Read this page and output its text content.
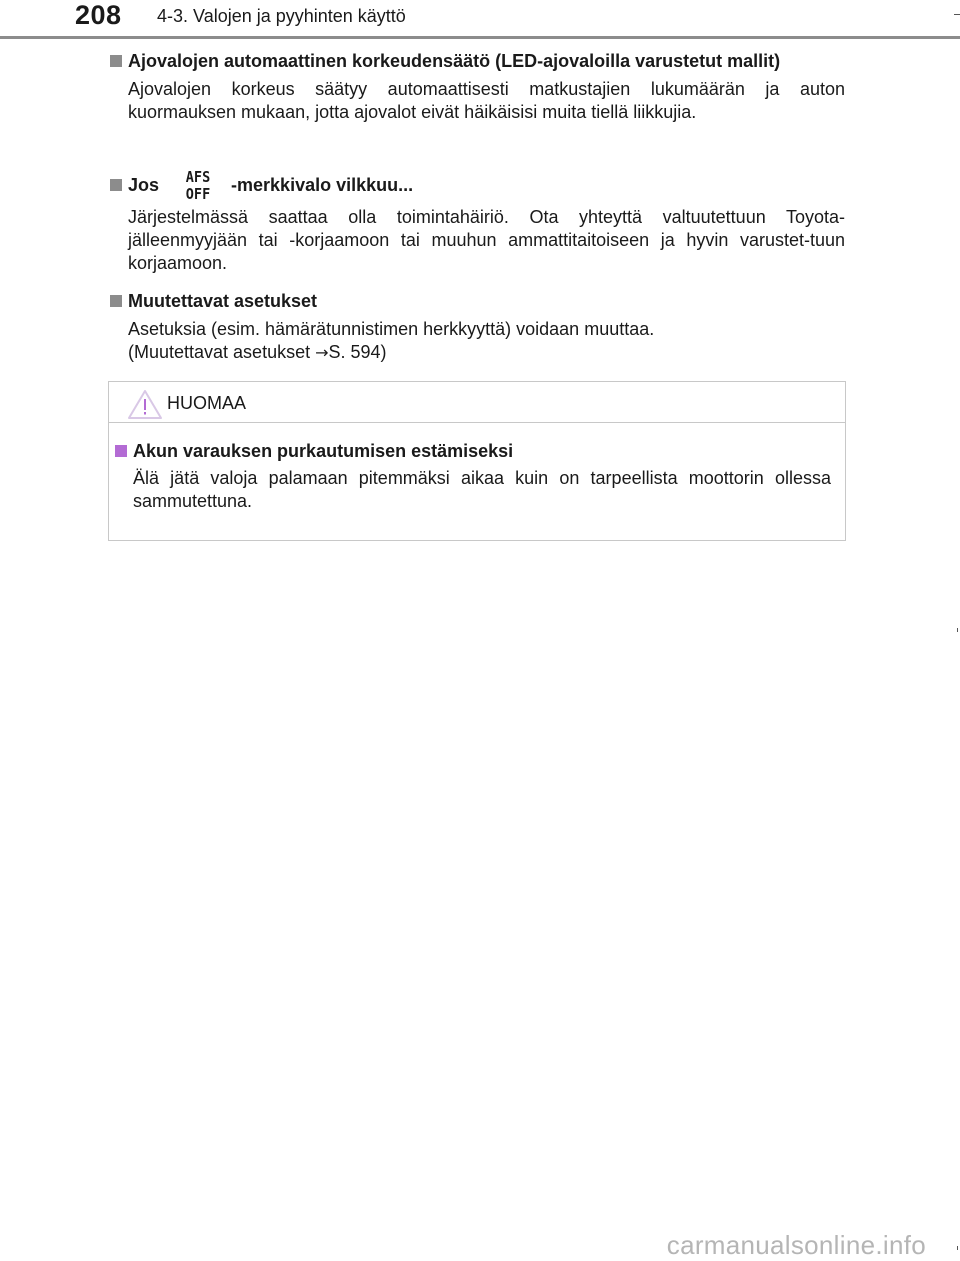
208 4-3. Valojen ja pyyhinten käyttö
Ajovalojen automaattinen korkeudensäätö (LED-ajovaloilla varustetut mallit)
Ajovalojen korkeus säätyy automaattisesti matkustajien lukumäärän ja auton kuormauksen mukaan, jotta ajovalot eivät häikäisisi muita tiellä liikkujia.
Jos AFS
OFF -merkkivalo vilkkuu...
Järjestelmässä saattaa olla toimintahäiriö. Ota yhteyttä valtuutettuun Toyota-jälleenmyyjään tai -korjaamoon tai muuhun ammattitaitoiseen ja hyvin varustet-tuun korjaamoon.
Muutettavat asetukset
Asetuksia (esim. hämärätunnistimen herkkyyttä) voidaan muuttaa.
(Muutettavat asetukset →S. 594)
HUOMAA
Akun varauksen purkautumisen estämiseksi
Älä jätä valoja palamaan pitemmäksi aikaa kuin on tarpeellista moottorin ollessa sammutettuna.
carmanualsonline.info
